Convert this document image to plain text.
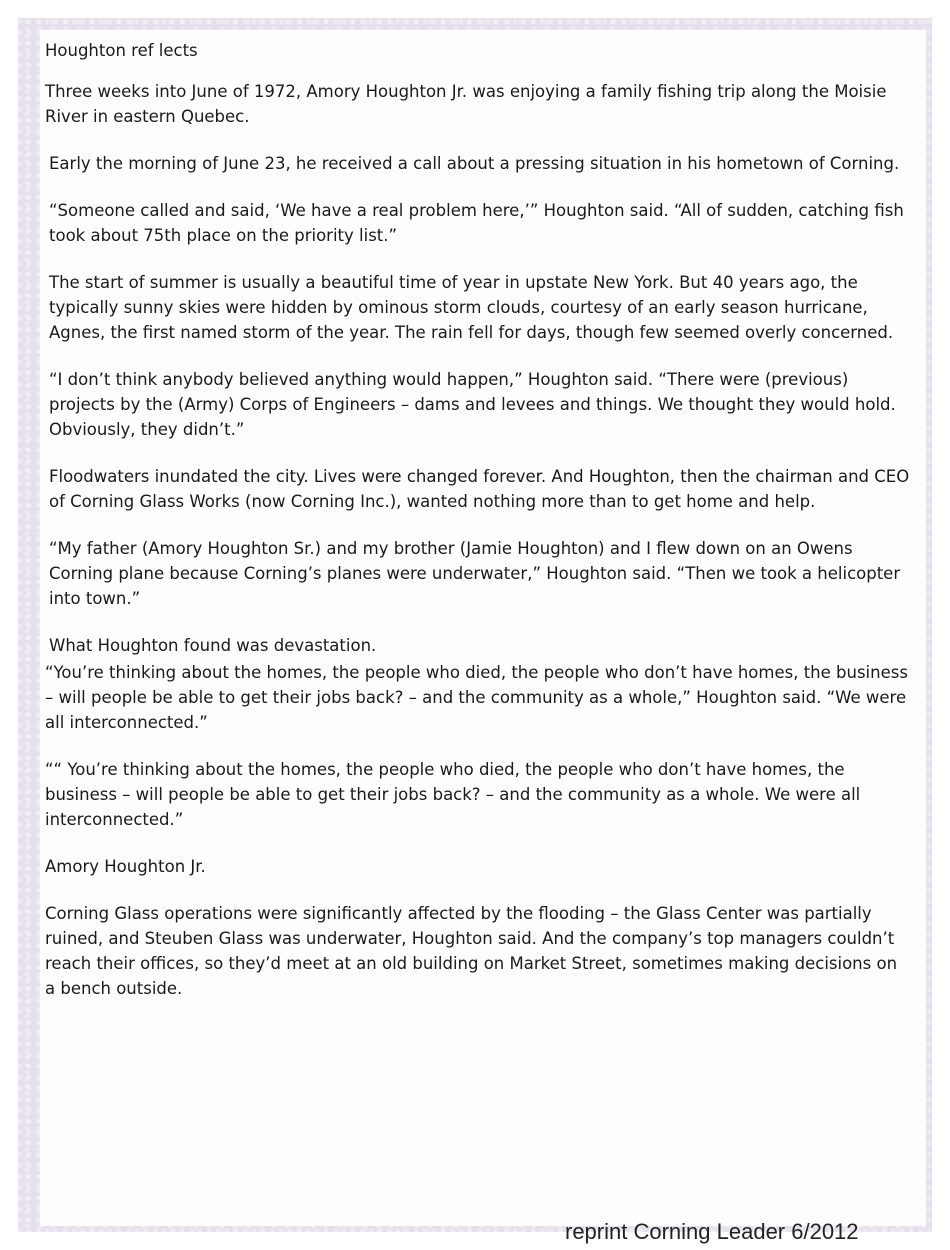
Houghton ref lects

Three weeks into June of 1972, Amory Houghton Jr. was enjoying a family fishing trip along the Moisie River in eastern Quebec.

Early the morning of June 23, he received a call about a pressing situation in his hometown of Corning.

“Someone called and said, ‘We have a real problem here,’” Houghton said. “All of sudden, catching fish took about 75th place on the priority list.”

The start of summer is usually a beautiful time of year in upstate New York. But 40 years ago, the typically sunny skies were hidden by ominous storm clouds, courtesy of an early season hurricane, Agnes, the first named storm of the year. The rain fell for days, though few seemed overly concerned.

“I don’t think anybody believed anything would happen,” Houghton said. “There were (previous) projects by the (Army) Corps of Engineers – dams and levees and things. We thought they would hold. Obviously, they didn’t.”

Floodwaters inundated the city. Lives were changed forever. And Houghton, then the chairman and CEO of Corning Glass Works (now Corning Inc.), wanted nothing more than to get home and help.

“My father (Amory Houghton Sr.) and my brother (Jamie Houghton) and I flew down on an Owens Corning plane because Corning’s planes were underwater,” Houghton said. “Then we took a helicopter into town.”

What Houghton found was devastation.

“You’re thinking about the homes, the people who died, the people who don’t have homes, the business – will people be able to get their jobs back? – and the community as a whole,” Houghton said. “We were all interconnected.”

““ You’re thinking about the homes, the people who died, the people who don’t have homes, the business – will people be able to get their jobs back? – and the community as a whole. We were all interconnected.”

Amory Houghton Jr.

Corning Glass operations were significantly affected by the flooding – the Glass Center was partially ruined, and Steuben Glass was underwater, Houghton said. And the company’s top managers couldn’t reach their offices, so they’d meet at an old building on Market Street, sometimes making decisions on a bench outside.

reprint Corning Leader 6/2012
